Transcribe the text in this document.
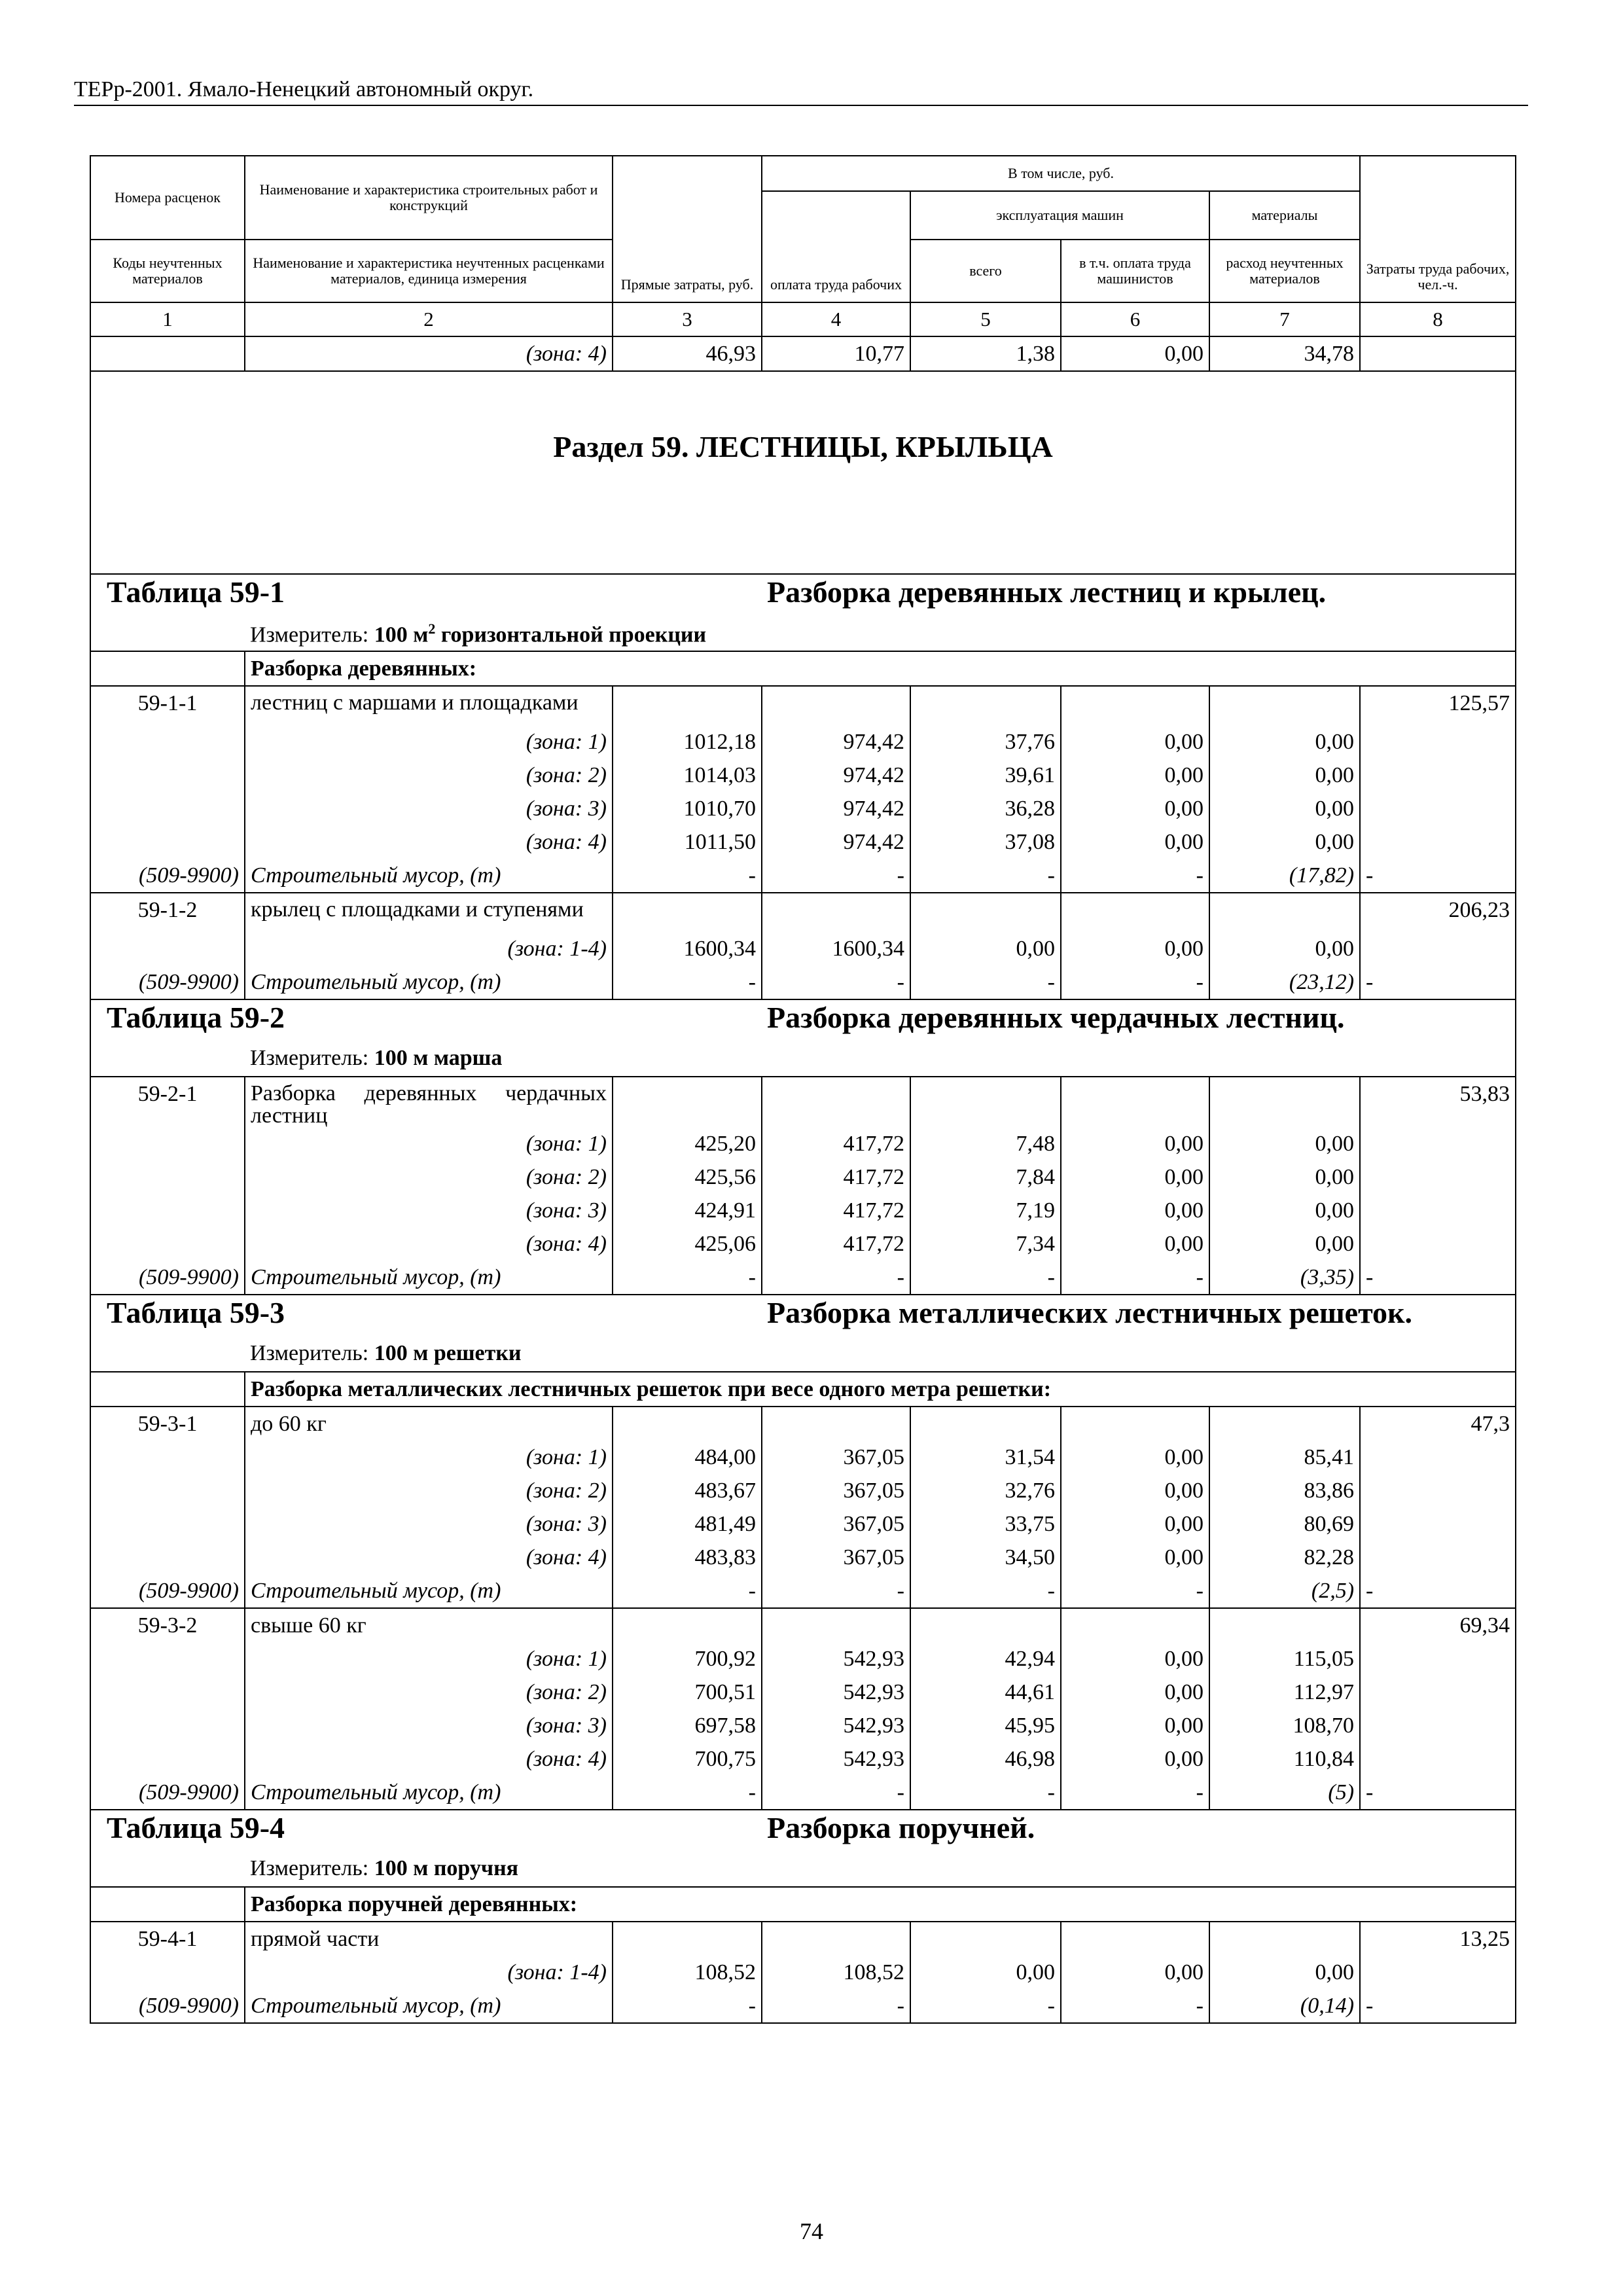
ТЕРр-2001. Ямало-Ненецкий автономный округ.
Номера расценок	Наименование и характеристика строительных работ и конструкций	Прямые затраты, руб.	В том числе, руб.				Затраты труда рабочих, чел.-ч.
			оплата труда рабочих	эксплуатация машин		материалы	
Коды неучтенных материалов	Наименование и характеристика неучтенных расценками материалов, единица измерения			всего	в т.ч. оплата труда машинистов	расход неучтенных материалов	
1	2	3	4	5	6	7	8
	(зона: 4)	46,93	10,77	1,38	0,00	34,78	
Раздел 59. ЛЕСТНИЦЫ, КРЫЛЬЦА							
Таблица 59-1			Разборка деревянных лестниц и крылец.				
	Измеритель: 100 $м^2$ горизонтальной проекции						
	Разборка деревянных:						
59-1-1	лестниц с маршами и площадками						125,57
	(зона: 1)	1012,18	974,42	37,76	0,00	0,00	
	(зона: 2)	1014,03	974,42	39,61	0,00	0,00	
	(зона: 3)	1010,70	974,42	36,28	0,00	0,00	
	(зона: 4)	1011,50	974,42	37,08	0,00	0,00	
(509-9900)	Строительный мусор, (т)	-	-	-	-	(17,82)	-
59-1-2	крылец с площадками и ступенями						206,23
	(зона: 1-4)	1600,34	1600,34	0,00	0,00	0,00	
(509-9900)	Строительный мусор, (т)	-	-	-	-	(23,12)	-
Таблица 59-2			Разборка деревянных чердачных лестниц.				
	Измеритель: 100 м марша						
59-2-1	Разборка деревянных чердачных лестниц						53,83
	(зона: 1)	425,20	417,72	7,48	0,00	0,00	
	(зона: 2)	425,56	417,72	7,84	0,00	0,00	
	(зона: 3)	424,91	417,72	7,19	0,00	0,00	
	(зона: 4)	425,06	417,72	7,34	0,00	0,00	
(509-9900)	Строительный мусор, (т)	-	-	-	-	(3,35)	-
Таблица 59-3			Разборка металлических лестничных решеток.				
	Измеритель: 100 м решетки						
	Разборка металлических лестничных решеток при весе одного метра решетки:						
59-3-1	до 60 кг						47,3
	(зона: 1)	484,00	367,05	31,54	0,00	85,41	
	(зона: 2)	483,67	367,05	32,76	0,00	83,86	
	(зона: 3)	481,49	367,05	33,75	0,00	80,69	
	(зона: 4)	483,83	367,05	34,50	0,00	82,28	
(509-9900)	Строительный мусор, (т)	-	-	-	-	(2,5)	-
59-3-2	свыше 60 кг						69,34
	(зона: 1)	700,92	542,93	42,94	0,00	115,05	
	(зона: 2)	700,51	542,93	44,61	0,00	112,97	
	(зона: 3)	697,58	542,93	45,95	0,00	108,70	
	(зона: 4)	700,75	542,93	46,98	0,00	110,84	
(509-9900)	Строительный мусор, (т)	-	-	-	-	(5)	-
Таблица 59-4			Разборка поручней.				
	Измеритель: 100 м поручня						
	Разборка поручней деревянных:						
59-4-1	прямой части						13,25
	(зона: 1-4)	108,52	108,52	0,00	0,00	0,00	
(509-9900)	Строительный мусор, (т)	-	-	-	-	(0,14)	-
74
